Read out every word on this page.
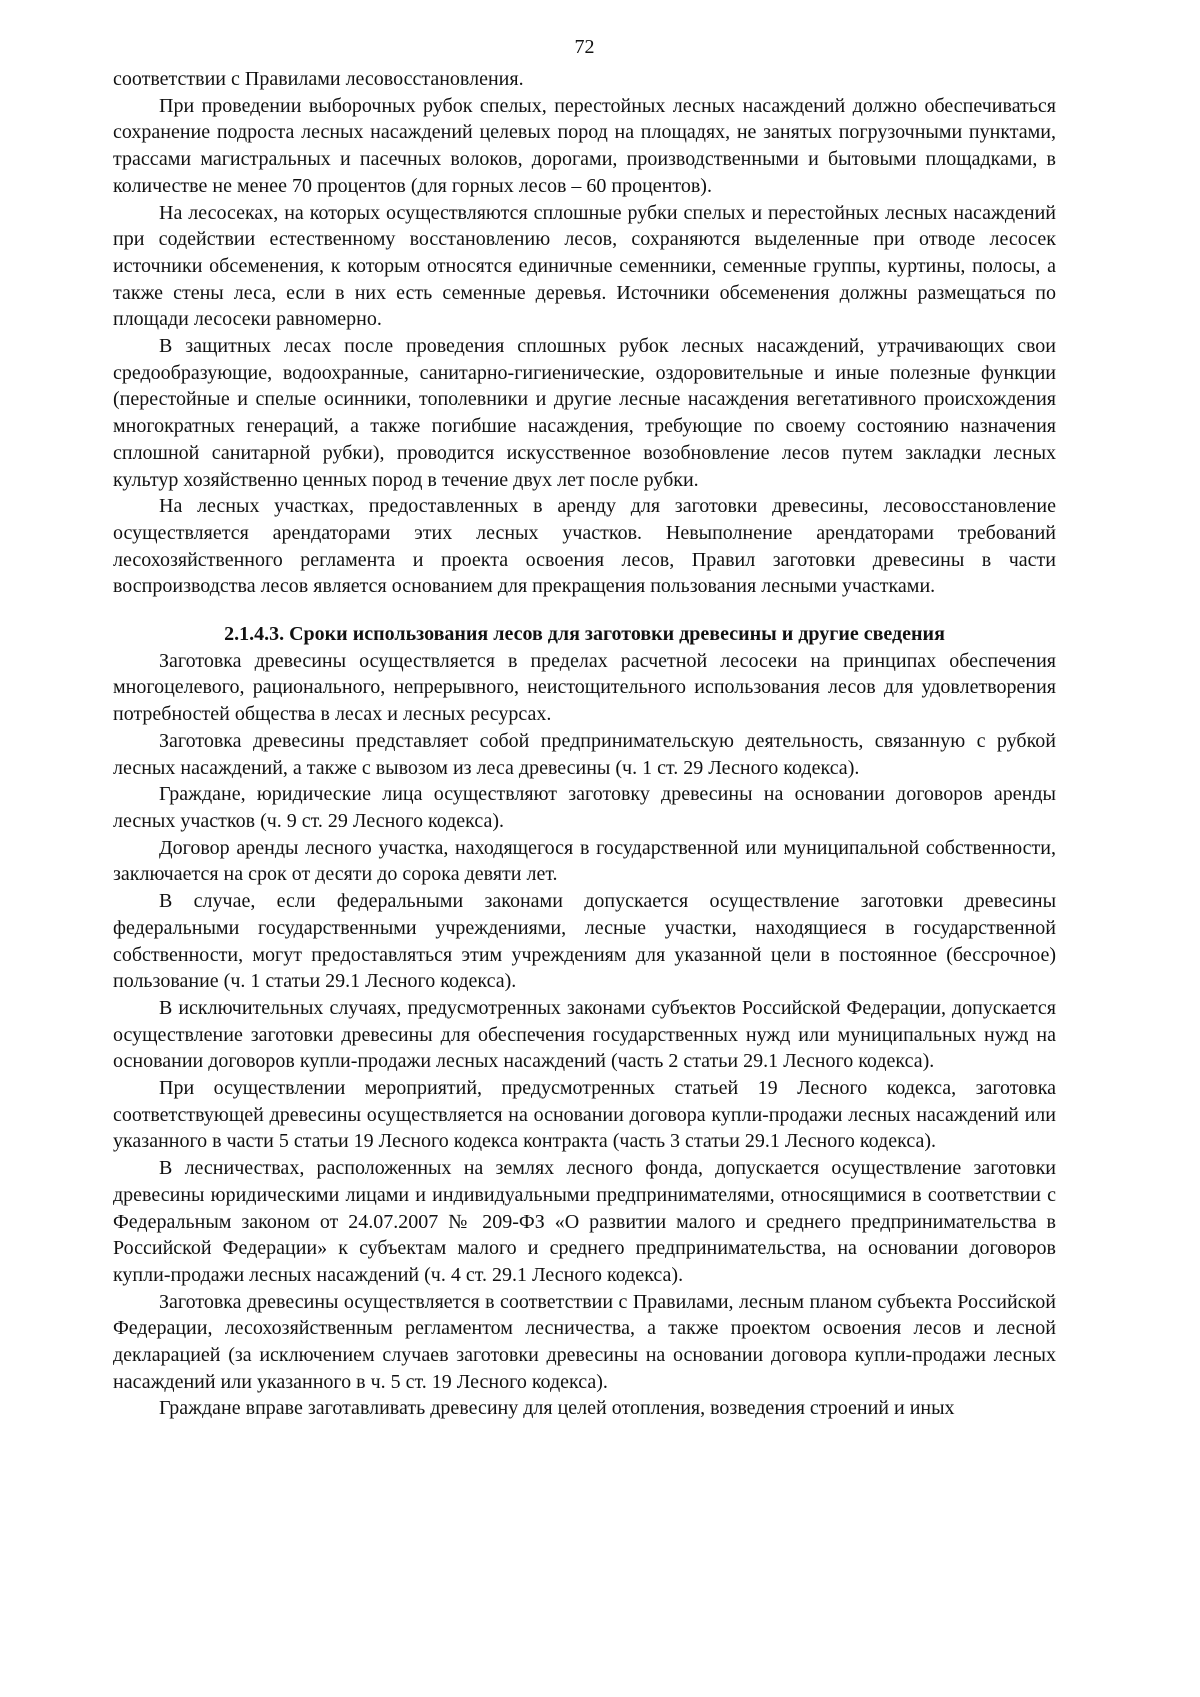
72

соответствии с Правилами лесовосстановления.

При проведении выборочных рубок спелых, перестойных лесных насаждений должно обеспечиваться сохранение подроста лесных насаждений целевых пород на площадях, не занятых погрузочными пунктами, трассами магистральных и пасечных волоков, дорогами, производственными и бытовыми площадками, в количестве не менее 70 процентов (для горных лесов – 60 процентов).

На лесосеках, на которых осуществляются сплошные рубки спелых и перестойных лесных насаждений при содействии естественному восстановлению лесов, сохраняются выделенные при отводе лесосек источники обсеменения, к которым относятся единичные семенники, семенные группы, куртины, полосы, а также стены леса, если в них есть семенные деревья. Источники обсеменения должны размещаться по площади лесосеки равномерно.

В защитных лесах после проведения сплошных рубок лесных насаждений, утрачивающих свои средообразующие, водоохранные, санитарно-гигиенические, оздоровительные и иные полезные функции (перестойные и спелые осинники, тополевники и другие лесные насаждения вегетативного происхождения многократных генераций, а также погибшие насаждения, требующие по своему состоянию назначения сплошной санитарной рубки), проводится искусственное возобновление лесов путем закладки лесных культур хозяйственно ценных пород в течение двух лет после рубки.

На лесных участках, предоставленных в аренду для заготовки древесины, лесовосстановление осуществляется арендаторами этих лесных участков. Невыполнение арендаторами требований лесохозяйственного регламента и проекта освоения лесов, Правил заготовки древесины в части воспроизводства лесов является основанием для прекращения пользования лесными участками.

2.1.4.3. Сроки использования лесов для заготовки древесины и другие сведения

Заготовка древесины осуществляется в пределах расчетной лесосеки на принципах обеспечения многоцелевого, рационального, непрерывного, неистощительного использования лесов для удовлетворения потребностей общества в лесах и лесных ресурсах.

Заготовка древесины представляет собой предпринимательскую деятельность, связанную с рубкой лесных насаждений, а также с вывозом из леса древесины (ч. 1 ст. 29 Лесного кодекса).

Граждане, юридические лица осуществляют заготовку древесины на основании договоров аренды лесных участков (ч. 9 ст. 29 Лесного кодекса).

Договор аренды лесного участка, находящегося в государственной или муниципальной собственности, заключается на срок от десяти до сорока девяти лет.

В случае, если федеральными законами допускается осуществление заготовки древесины федеральными государственными учреждениями, лесные участки, находящиеся в государственной собственности, могут предоставляться этим учреждениям для указанной цели в постоянное (бессрочное) пользование (ч. 1 статьи 29.1 Лесного кодекса).

В исключительных случаях, предусмотренных законами субъектов Российской Федерации, допускается осуществление заготовки древесины для обеспечения государственных нужд или муниципальных нужд на основании договоров купли-продажи лесных насаждений (часть 2 статьи 29.1 Лесного кодекса).

При осуществлении мероприятий, предусмотренных статьей 19 Лесного кодекса, заготовка соответствующей древесины осуществляется на основании договора купли-продажи лесных насаждений или указанного в части 5 статьи 19 Лесного кодекса контракта (часть 3 статьи 29.1 Лесного кодекса).

В лесничествах, расположенных на землях лесного фонда, допускается осуществление заготовки древесины юридическими лицами и индивидуальными предпринимателями, относящимися в соответствии с Федеральным законом от 24.07.2007 № 209-ФЗ «О развитии малого и среднего предпринимательства в Российской Федерации» к субъектам малого и среднего предпринимательства, на основании договоров купли-продажи лесных насаждений (ч. 4 ст. 29.1 Лесного кодекса).

Заготовка древесины осуществляется в соответствии с Правилами, лесным планом субъекта Российской Федерации, лесохозяйственным регламентом лесничества, а также проектом освоения лесов и лесной декларацией (за исключением случаев заготовки древесины на основании договора купли-продажи лесных насаждений или указанного в ч. 5 ст. 19 Лесного кодекса).

Граждане вправе заготавливать древесину для целей отопления, возведения строений и иных
